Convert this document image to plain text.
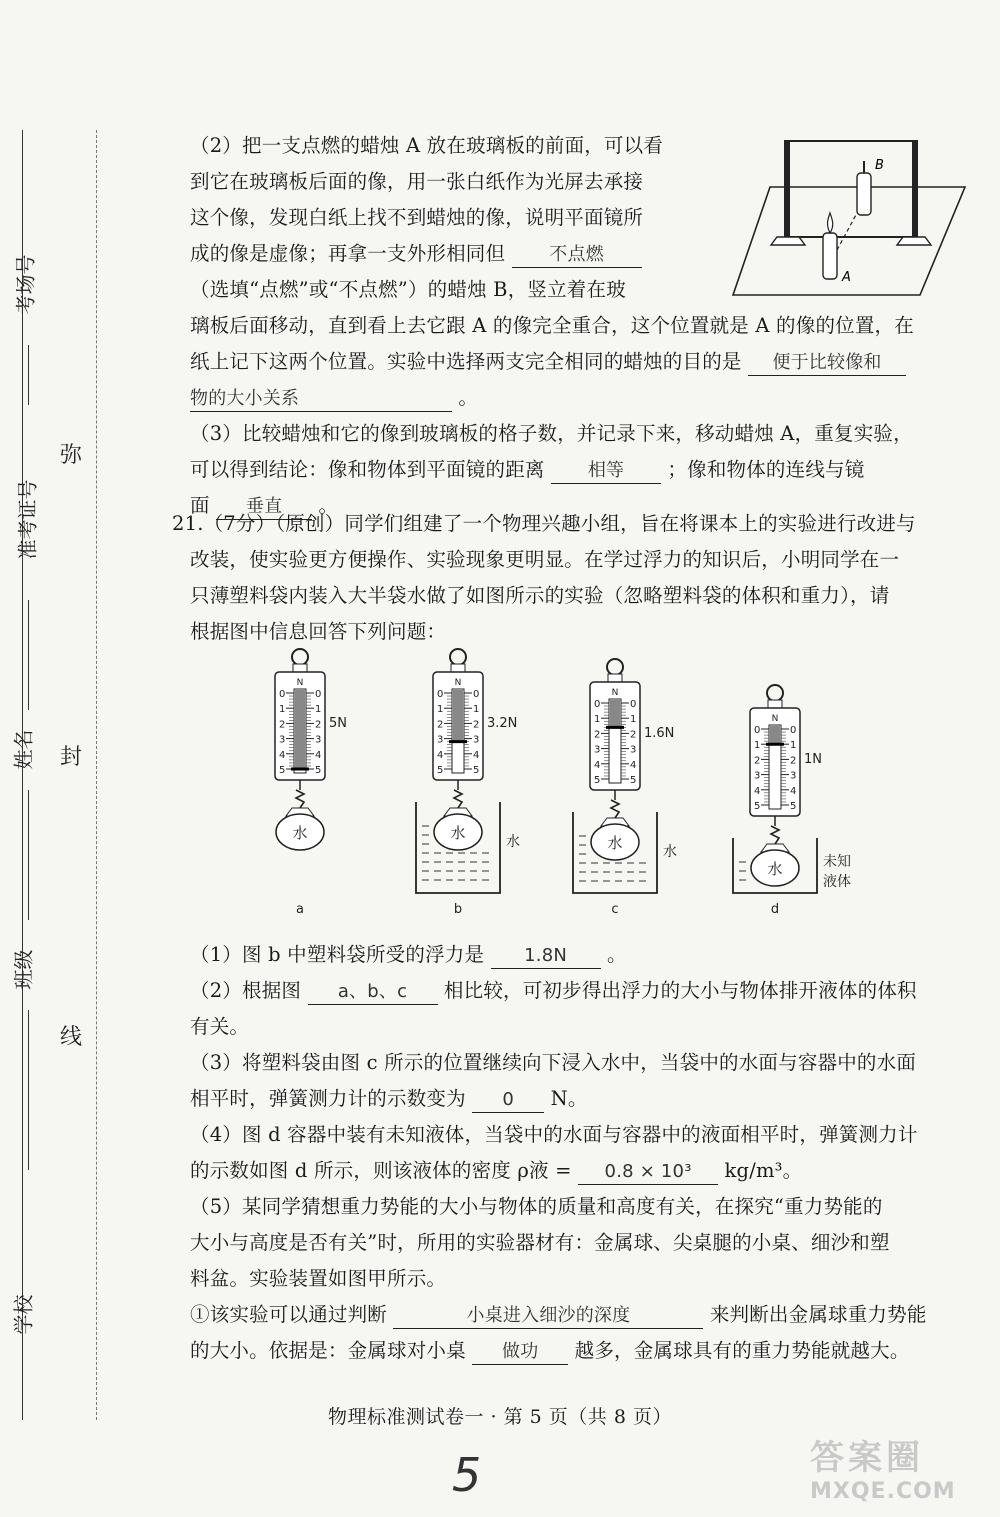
考场号
准考证号
姓名
班级
学校
弥
封
线
（2）把一支点燃的蜡烛 A 放在玻璃板的前面，可以看
到它在玻璃板后面的像，用一张白纸作为光屏去承接
这个像，发现白纸上找不到蜡烛的像，说明平面镜所
成的像是虚像；再拿一支外形相同但 不点燃
（选填“点燃”或“不点燃”）的蜡烛 B，竖立着在玻
璃板后面移动，直到看上去它跟 A 的像完全重合，这个位置就是 A 的像的位置，在
纸上记下这两个位置。实验中选择两支完全相同的蜡烛的目的是 便于比较像和
物的大小关系	。
（3）比较蜡烛和它的像到玻璃板的格子数，并记录下来，移动蜡烛 A，重复实验，
可以得到结论：像和物体到平面镜的距离 相等 ；像和物体的连线与镜
面 垂直 。
B
A
21.（7分）（原创）同学们组建了一个物理兴趣小组，旨在将课本上的实验进行改进与
改装，使实验更方便操作、实验现象更明显。在学过浮力的知识后，小明同学在一
只薄塑料袋内装入大半袋水做了如图所示的实验（忽略塑料袋的体积和重力），请
根据图中信息回答下列问题：
N
0	0
1	1
2	2
3	3
4	4
5	5
5N
水
a
N
0	0
1	1
2	2
3	3
4	4
5	5
3.2N
水	水
b
N
0	0
1	1
2	2
3	3
4	4
5	5
1.6N
水	水
c
N
0	0
1	1
2	2
3	3
4	4
5	5
1N
水	未知
液体
d
（1）图 b 中塑料袋所受的浮力是 1.8N 。
（2）根据图 a、b、c 相比较，可初步得出浮力的大小与物体排开液体的体积
有关。
（3）将塑料袋由图 c 所示的位置继续向下浸入水中，当袋中的水面与容器中的水面
相平时，弹簧测力计的示数变为 0 N。
（4）图 d 容器中装有未知液体，当袋中的水面与容器中的液面相平时，弹簧测力计
的示数如图 d 所示，则该液体的密度 ρ液 = 0.8 × 10³ kg/m³。
（5）某同学猜想重力势能的大小与物体的质量和高度有关，在探究“重力势能的
大小与高度是否有关”时，所用的实验器材有：金属球、尖桌腿的小桌、细沙和塑
料盆。实验装置如图甲所示。
①该实验可以通过判断	小桌进入细沙的深度	来判断出金属球重力势能
的大小。依据是：金属球对小桌 做功 越多，金属球具有的重力势能就越大。
物理标准测试卷一 · 第 5 页（共 8 页）
5	答案圈
MXQE.COM
